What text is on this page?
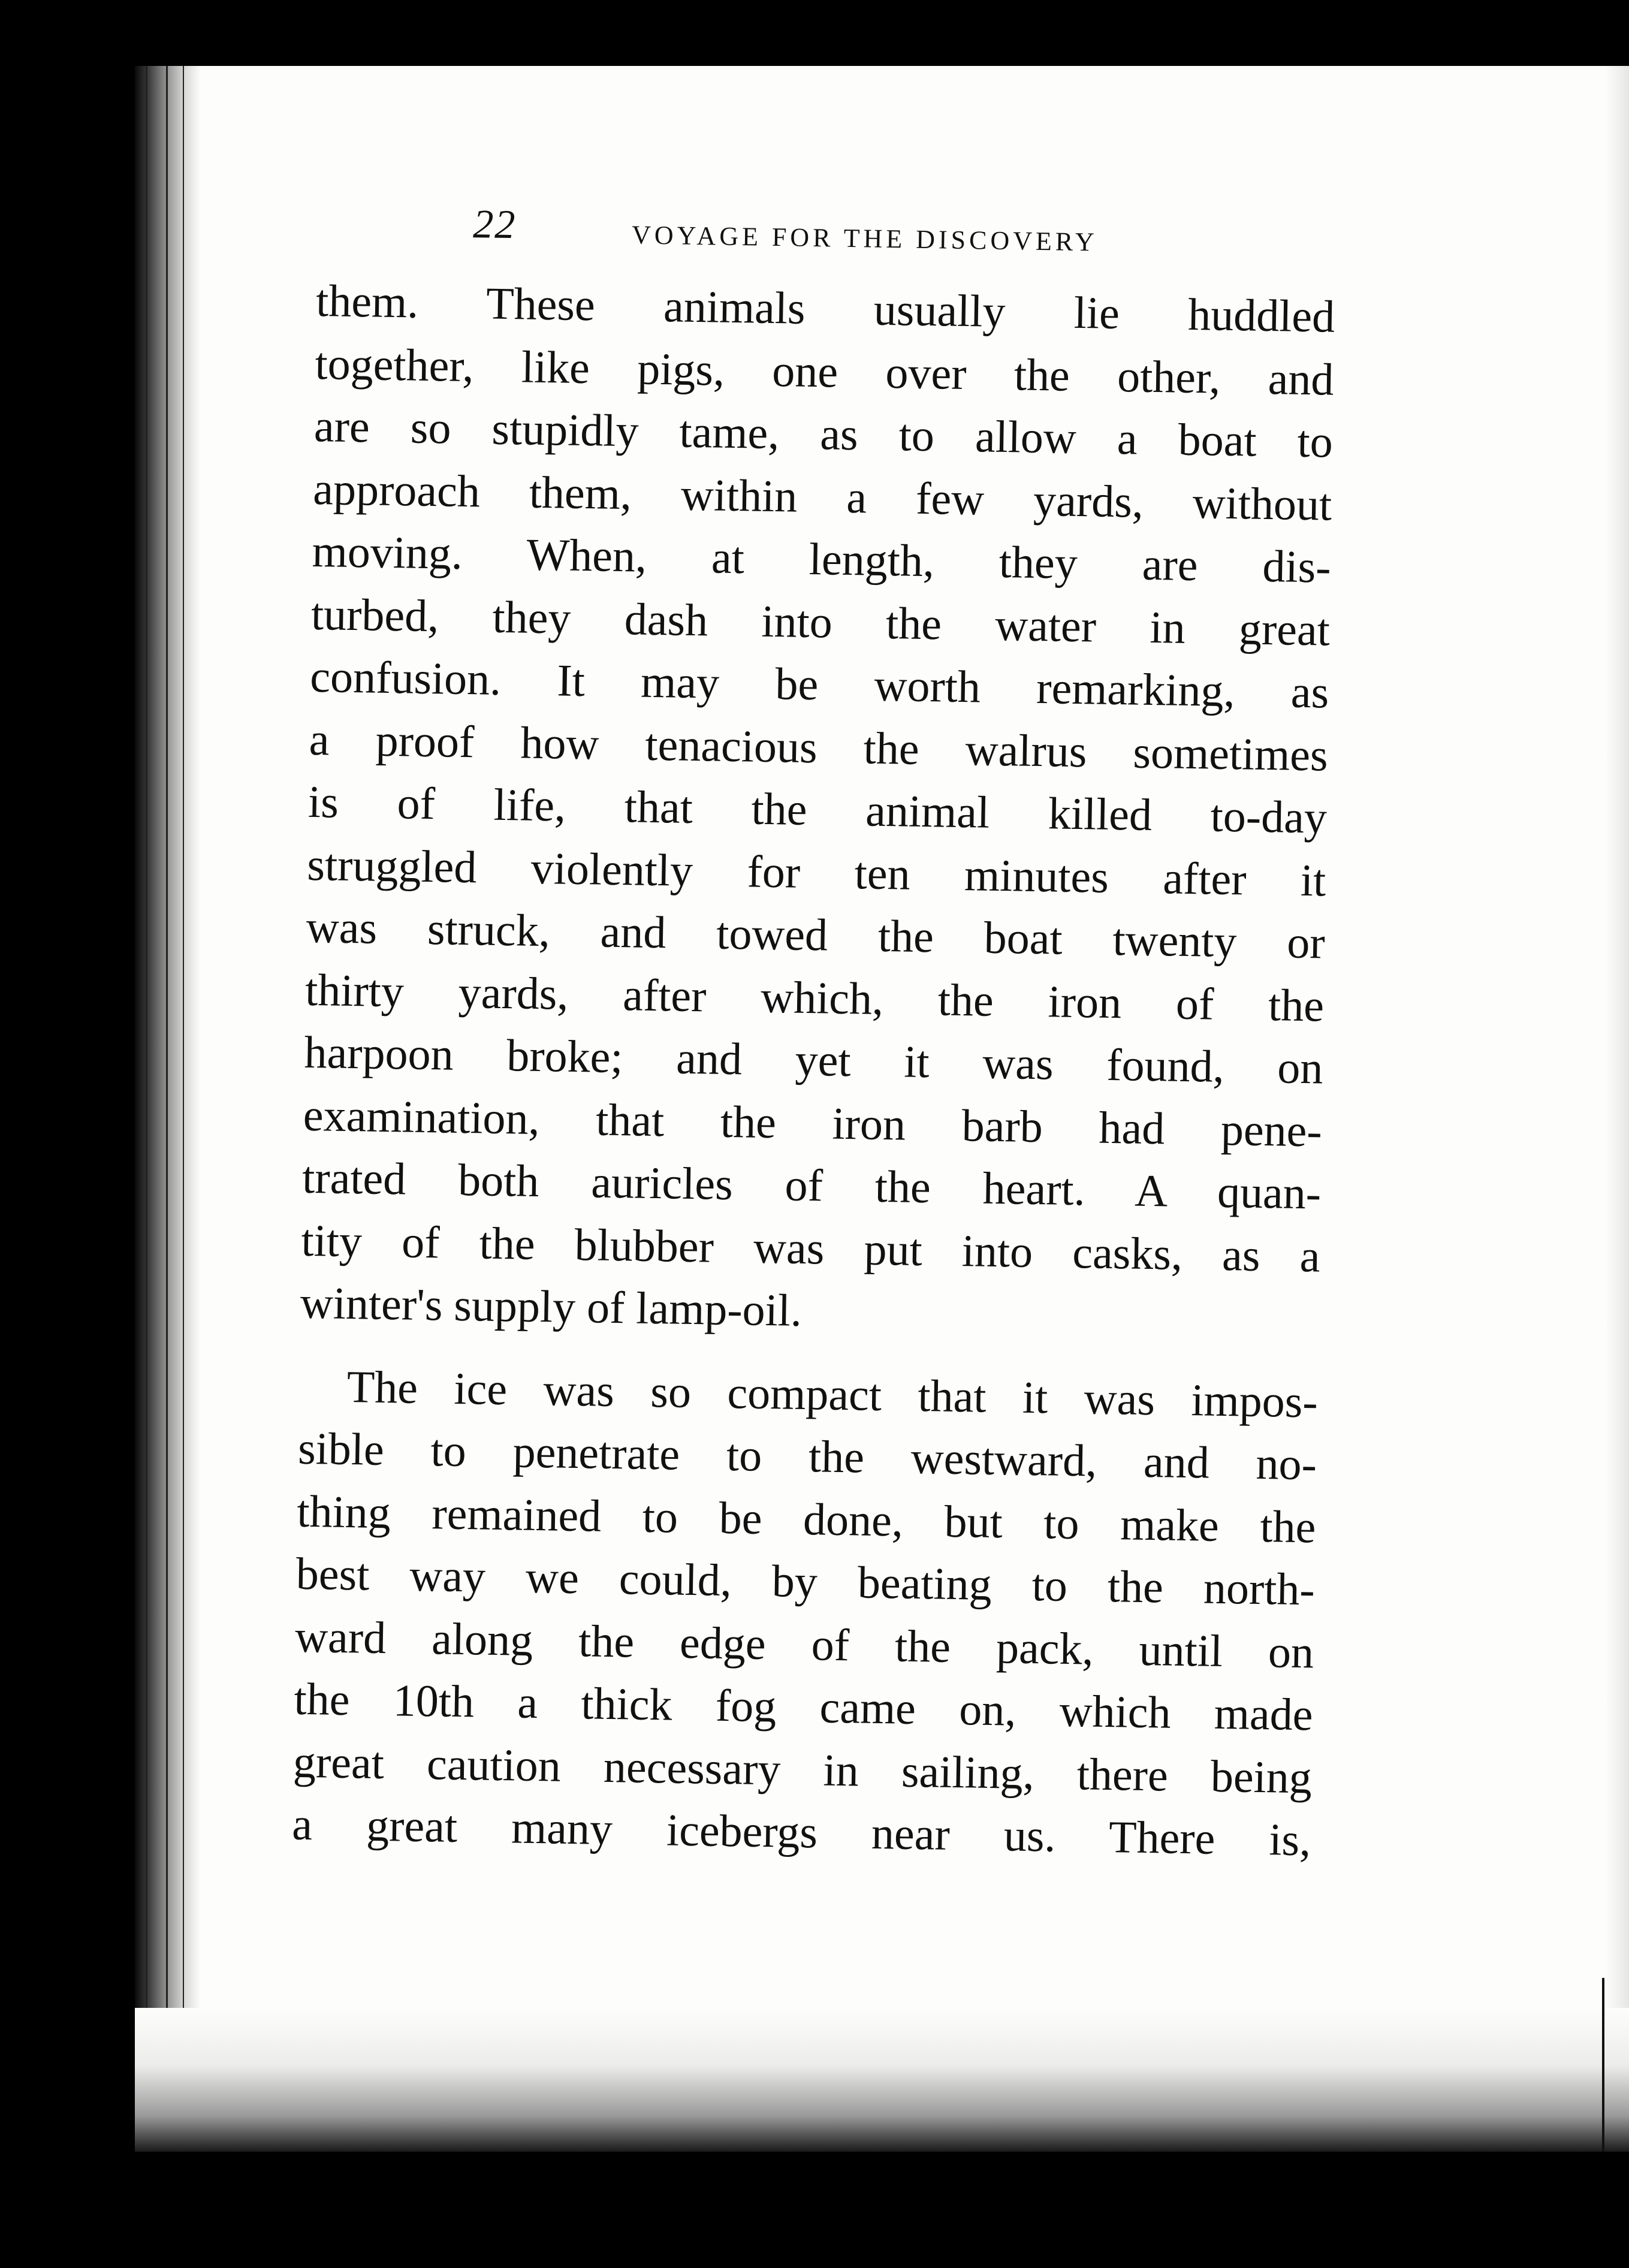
22	VOYAGE FOR THE DISCOVERY

them. These animals usually lie huddled
together, like pigs, one over the other, and
are so stupidly tame, as to allow a boat to
approach them, within a few yards, without
moving. When, at length, they are dis-
turbed, they dash into the water in great
confusion. It may be worth remarking, as
a proof how tenacious the walrus sometimes
is of life, that the animal killed to-day
struggled violently for ten minutes after it
was struck, and towed the boat twenty or
thirty yards, after which, the iron of the
harpoon broke; and yet it was found, on
examination, that the iron barb had pene-
trated both auricles of the heart. A quan-
tity of the blubber was put into casks, as a
winter's supply of lamp-oil.

The ice was so compact that it was impos-
sible to penetrate to the westward, and no-
thing remained to be done, but to make the
best way we could, by beating to the north-
ward along the edge of the pack, until on
the 10th a thick fog came on, which made
great caution necessary in sailing, there being
a great many icebergs near us. There is,
